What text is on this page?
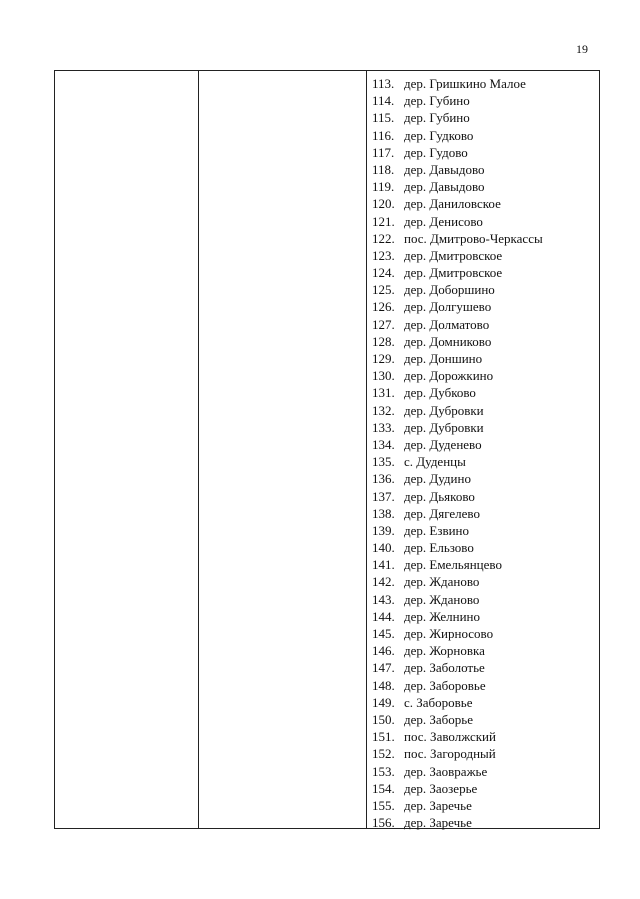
19
113. дер. Гришкино Малое
114. дер. Губино
115. дер. Губино
116. дер. Гудково
117. дер. Гудово
118. дер. Давыдово
119. дер. Давыдово
120. дер. Даниловское
121. дер. Денисово
122. пос. Дмитрово-Черкассы
123. дер. Дмитровское
124. дер. Дмитровское
125. дер. Доборшино
126. дер. Долгушево
127. дер. Долматово
128. дер. Домниково
129. дер. Доншино
130. дер. Дорожкино
131. дер. Дубково
132. дер. Дубровки
133. дер. Дубровки
134. дер. Дуденево
135. с. Дуденцы
136. дер. Дудино
137. дер. Дьяково
138. дер. Дягелево
139. дер. Езвино
140. дер. Ельзово
141. дер. Емельянцево
142. дер. Жданово
143. дер. Жданово
144. дер. Желнино
145. дер. Жирносово
146. дер. Жорновка
147. дер. Заболотье
148. дер. Заборовье
149. с. Заборовье
150. дер. Заборье
151. пос. Заволжский
152. пос. Загородный
153. дер. Заовражье
154. дер. Заозерье
155. дер. Заречье
156. дер. Заречье
